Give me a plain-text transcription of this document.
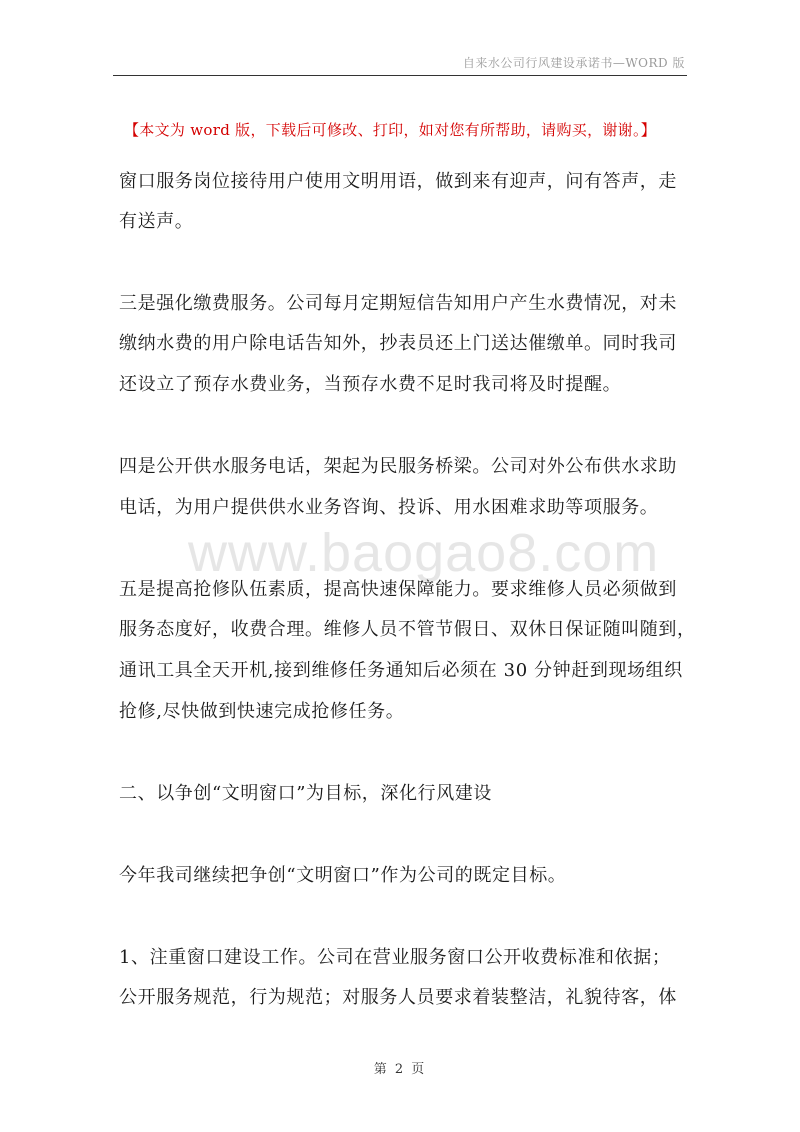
自来水公司行风建设承诺书—WORD 版
【本文为 word 版，下载后可修改、打印，如对您有所帮助，请购买，谢谢。】
www.baogao8.com
窗口服务岗位接待用户使用文明用语，做到来有迎声，问有答声，走
有送声。
三是强化缴费服务。公司每月定期短信告知用户产生水费情况，对未
缴纳水费的用户除电话告知外，抄表员还上门送达催缴单。同时我司
还设立了预存水费业务，当预存水费不足时我司将及时提醒。
四是公开供水服务电话，架起为民服务桥梁。公司对外公布供水求助
电话，为用户提供供水业务咨询、投诉、用水困难求助等项服务。
五是提高抢修队伍素质，提高快速保障能力。要求维修人员必须做到
服务态度好，收费合理。维修人员不管节假日、双休日保证随叫随到，
通讯工具全天开机,接到维修任务通知后必须在 30 分钟赶到现场组织
抢修,尽快做到快速完成抢修任务。
二、以争创“文明窗口”为目标，深化行风建设
今年我司继续把争创“文明窗口”作为公司的既定目标。
1、注重窗口建设工作。公司在营业服务窗口公开收费标准和依据；
公开服务规范，行为规范；对服务人员要求着装整洁，礼貌待客，体
第 2 页
